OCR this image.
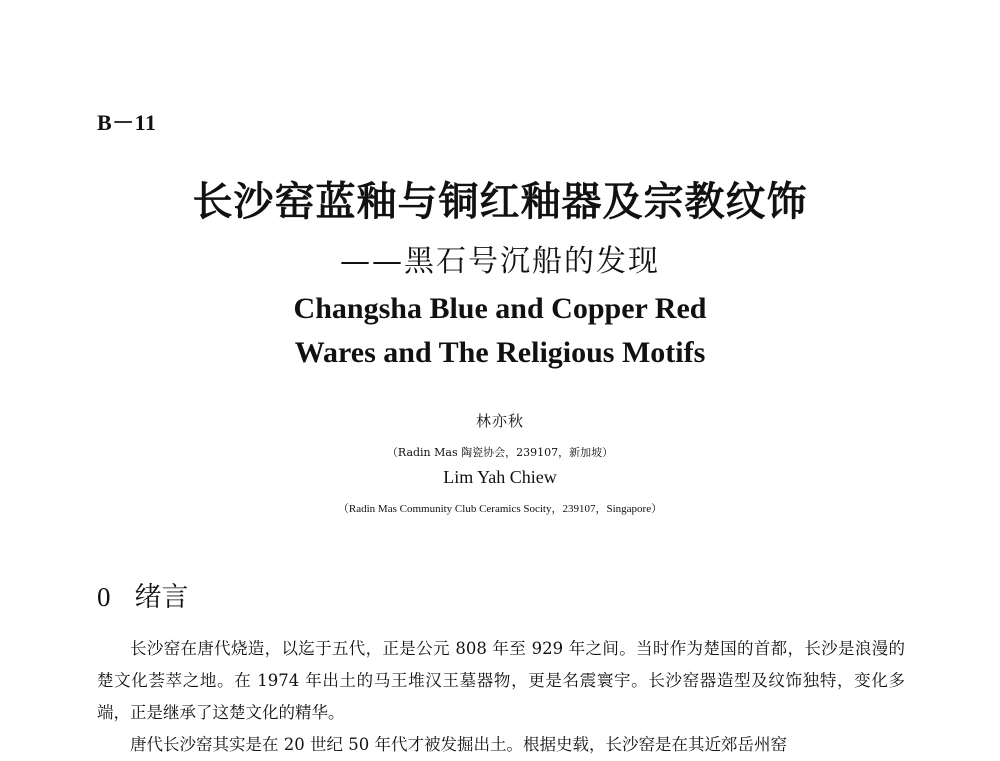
B－11
长沙窑蓝釉与铜红釉器及宗教纹饰
——黑石号沉船的发现
Changsha Blue and Copper Red
Wares and The Religious Motifs
林亦秋
（Radin Mas 陶瓷协会，239107，新加坡）
Lim Yah Chiew
（Radin Mas Community Club Ceramics Socity，239107，Singapore）
0 绪言

长沙窑在唐代烧造，以迄于五代，正是公元 808 年至 929 年之间。当时作为楚国的首都，长沙是浪漫的楚文化荟萃之地。在 1974 年出土的马王堆汉王墓器物，更是名震寰宇。长沙窑器造型及纹饰独特，变化多端，正是继承了这楚文化的精华。

唐代长沙窑其实是在 20 世纪 50 年代才被发掘出土。根据史载，长沙窑是在其近郊岳州窑
